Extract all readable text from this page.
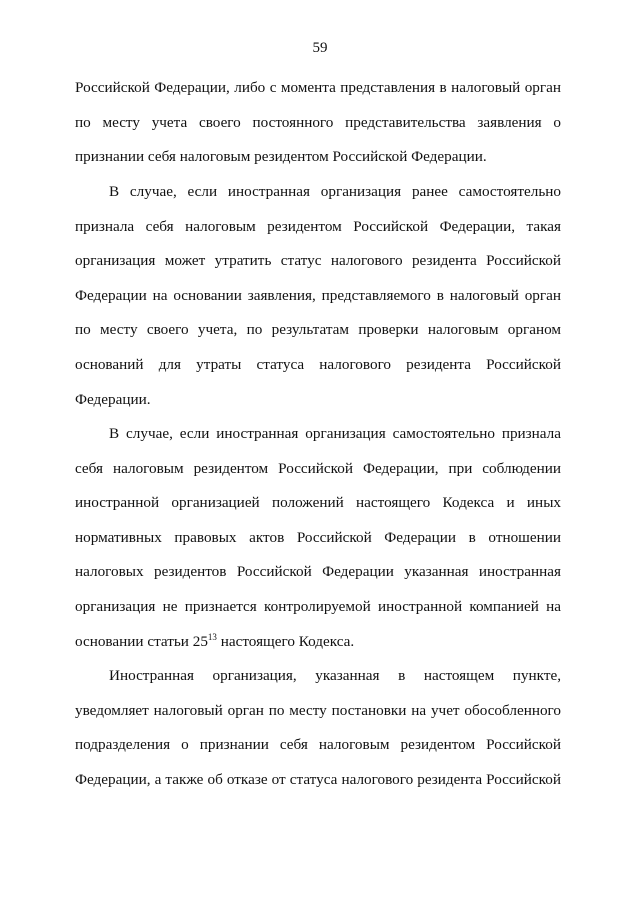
59
Российской Федерации, либо с момента представления в налоговый орган
по месту учета своего постоянного представительства заявления о
признании себя налоговым резидентом Российской Федерации.
В случае, если иностранная организация ранее самостоятельно
признала себя налоговым резидентом Российской Федерации, такая
организация может утратить статус налогового резидента Российской
Федерации на основании заявления, представляемого в налоговый орган
по месту своего учета, по результатам проверки налоговым органом
оснований для утраты статуса налогового резидента Российской
Федерации.
В случае, если иностранная организация самостоятельно признала
себя налоговым резидентом Российской Федерации, при соблюдении
иностранной организацией положений настоящего Кодекса и иных
нормативных правовых актов Российской Федерации в отношении
налоговых резидентов Российской Федерации указанная иностранная
организация не признается контролируемой иностранной компанией на
основании статьи $25^{13}$ настоящего Кодекса.
Иностранная организация, указанная в настоящем пункте,
уведомляет налоговый орган по месту постановки на учет обособленного
подразделения о признании себя налоговым резидентом Российской
Федерации, а также об отказе от статуса налогового резидента Российской
